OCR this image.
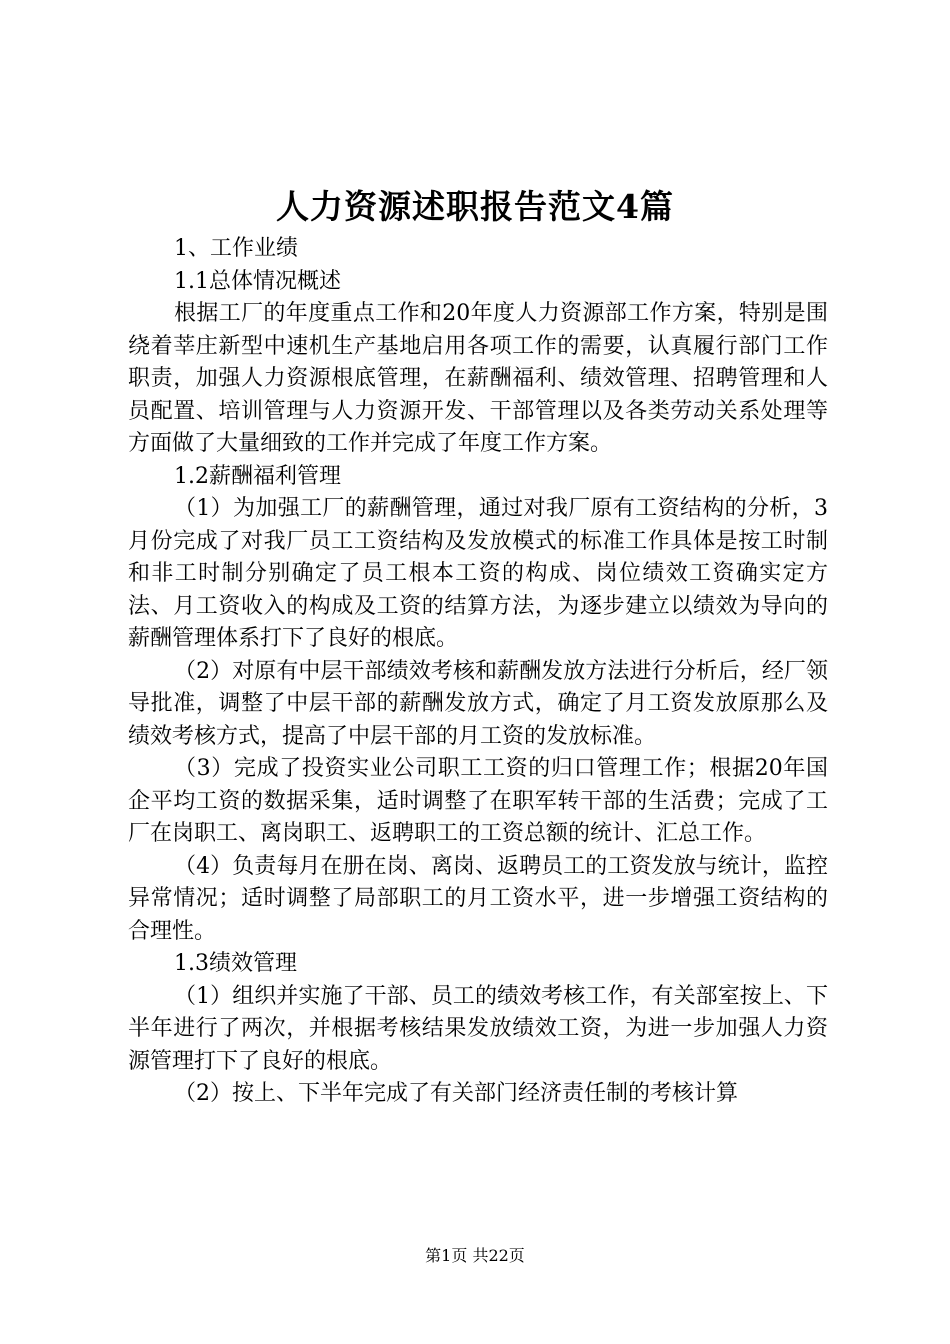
人力资源述职报告范文4篇

1、工作业绩

1.1总体情况概述

根据工厂的年度重点工作和20年度人力资源部工作方案，特别是围绕着莘庄新型中速机生产基地启用各项工作的需要，认真履行部门工作职责，加强人力资源根底管理，在薪酬福利、绩效管理、招聘管理和人员配置、培训管理与人力资源开发、干部管理以及各类劳动关系处理等方面做了大量细致的工作并完成了年度工作方案。

1.2薪酬福利管理

（1）为加强工厂的薪酬管理，通过对我厂原有工资结构的分析，3月份完成了对我厂员工工资结构及发放模式的标准工作具体是按工时制和非工时制分别确定了员工根本工资的构成、岗位绩效工资确实定方法、月工资收入的构成及工资的结算方法，为逐步建立以绩效为导向的薪酬管理体系打下了良好的根底。

（2）对原有中层干部绩效考核和薪酬发放方法进行分析后，经厂领导批准，调整了中层干部的薪酬发放方式，确定了月工资发放原那么及绩效考核方式，提高了中层干部的月工资的发放标准。

（3）完成了投资实业公司职工工资的归口管理工作；根据20年国企平均工资的数据采集，适时调整了在职军转干部的生活费；完成了工厂在岗职工、离岗职工、返聘职工的工资总额的统计、汇总工作。

（4）负责每月在册在岗、离岗、返聘员工的工资发放与统计，监控异常情况；适时调整了局部职工的月工资水平，进一步增强工资结构的合理性。

1.3绩效管理

（1）组织并实施了干部、员工的绩效考核工作，有关部室按上、下半年进行了两次，并根据考核结果发放绩效工资，为进一步加强人力资源管理打下了良好的根底。

（2）按上、下半年完成了有关部门经济责任制的考核计算

第1页 共22页
